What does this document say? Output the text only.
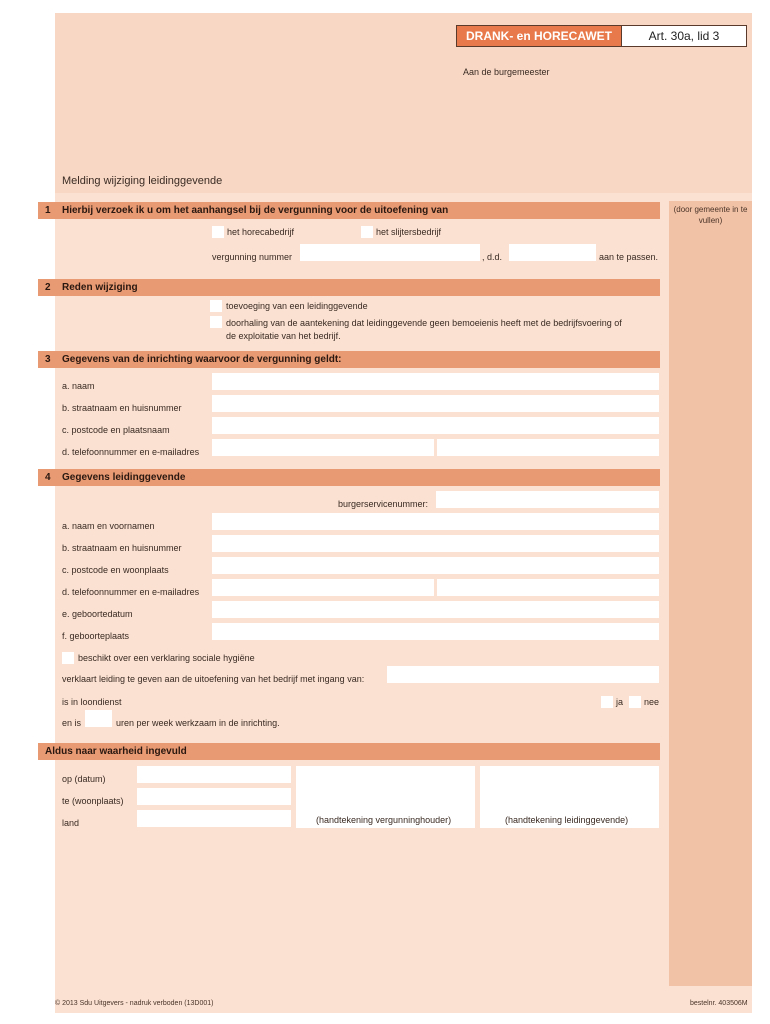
(door gemeente in te vullen)
DRANK- en HORECAWET	Art. 30a, lid 3
Aan de burgemeester
Melding wijziging leidinggevende
1 Hierbij verzoek ik u om het aanhangsel bij de vergunning voor de uitoefening van
het horecabedrijf	het slijtersbedrijf
vergunning nummer	, d.d.	aan te passen.
2 Reden wijziging
toevoeging van een leidinggevende
doorhaling van de aantekening dat leidinggevende geen bemoeienis heeft met de bedrijfsvoering of
de exploitatie van het bedrijf.
3 Gegevens van de inrichting waarvoor de vergunning geldt:
a. naam
b. straatnaam en huisnummer
c. postcode en plaatsnaam
d. telefoonnummer en e-mailadres
4 Gegevens leidinggevende
burgerservicenummer:
a. naam en voornamen
b. straatnaam en huisnummer
c. postcode en woonplaats
d. telefoonnummer en e-mailadres
e. geboortedatum
f. geboorteplaats
beschikt over een verklaring sociale hygiëne
verklaart leiding te geven aan de uitoefening van het bedrijf met ingang van:
is in loondienst	ja nee
en is	uren per week werkzaam in de inrichting.
Aldus naar waarheid ingevuld
op (datum)
te (woonplaats)
land	(handtekening vergunninghouder)	(handtekening leidinggevende)
© 2013 Sdu Uitgevers - nadruk verboden (13D001)	bestelnr. 403506M
